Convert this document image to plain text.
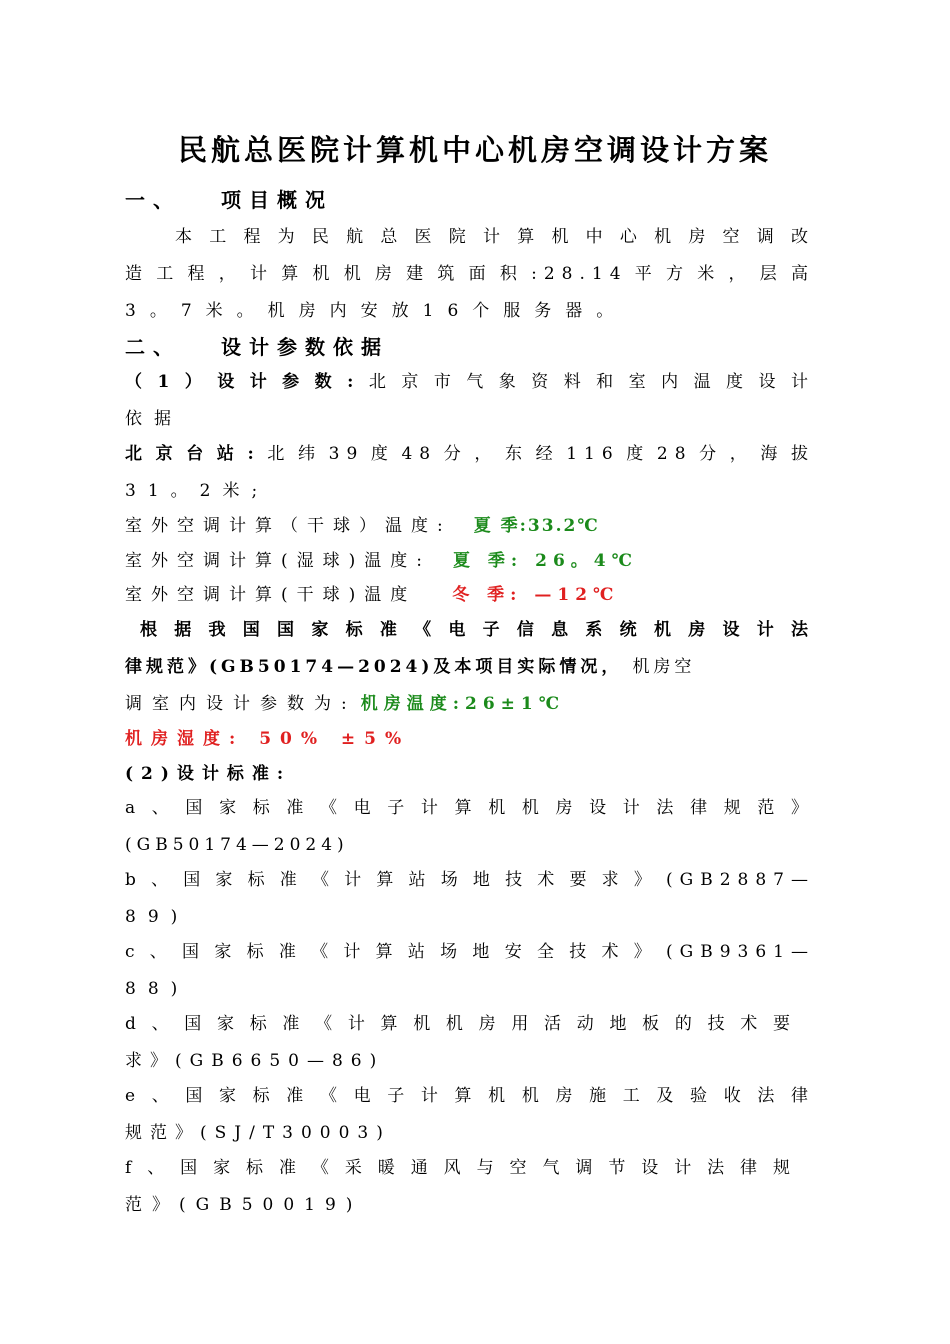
民航总医院计算机中心机房空调设计方案
一、 项目概况
本工程为民航总医院计算机中心机房空调改
造工程，计算机机房建筑面积:28.14平方米，层高
3。7米。机房内安放16个服务器。
二、 设计参数依据
（1）设计参数:北京市气象资料和室内温度设计
依据
北京台站:北纬39度48分，东经116度28分，海拔
31。2米;
室外空调计算（干球）温度: 夏 季:33.2℃
室外空调计算(湿球)温度: 夏 季: 26。4℃
室外空调计算(干球)温度 冬 季: —12℃
根据我国国家标准《电子信息系统机房设计法
律规范》(GB50174—2024)及本项目实际情况， 机房空
调室内设计参数为: 机房温度:26±1℃
机房湿度: 50% ±5%
(2)设计标准:
a、国家标准《电子计算机机房设计法律规范》
(GB50174—2024)
b、国家标准《计算站场地技术要求》(GB2887—
89)
c、国家标准《计算站场地安全技术》(GB9361—
88)
d、国家标准《计算机机房用活动地板的技术要
求》(GB6650—86)
e、国家标准《电子计算机机房施工及验收法律
规范》(SJ/T30003)
f、国家标准《采暖通风与空气调节设计法律规
范》(GB50019)
